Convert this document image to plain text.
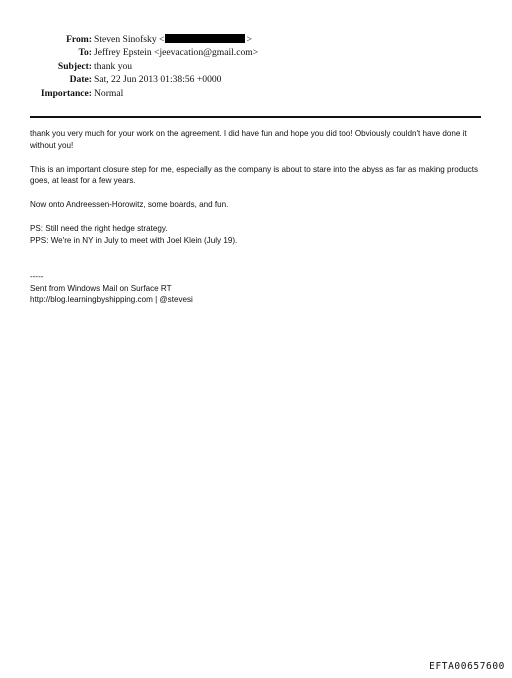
From: Steven Sinofsky <	>
To: Jeffrey Epstein <jeevacation@gmail.com>
Subject: thank you
Date: Sat, 22 Jun 2013 01:38:56 +0000
Importance: Normal

thank you very much for your work on the agreement. I did have fun and hope you did too! Obviously couldn't have done it without you!

This is an important closure step for me, especially as the company is about to stare into the abyss as far as making products goes, at least for a few years.

Now onto Andreessen-Horowitz, some boards, and fun.

PS: Still need the right hedge strategy.

PPS: We're in NY in July to meet with Joel Klein (July 19).

-----

Sent from Windows Mail on Surface RT

http://blog.learningbyshipping.com | @stevesi

EFTA00657600
